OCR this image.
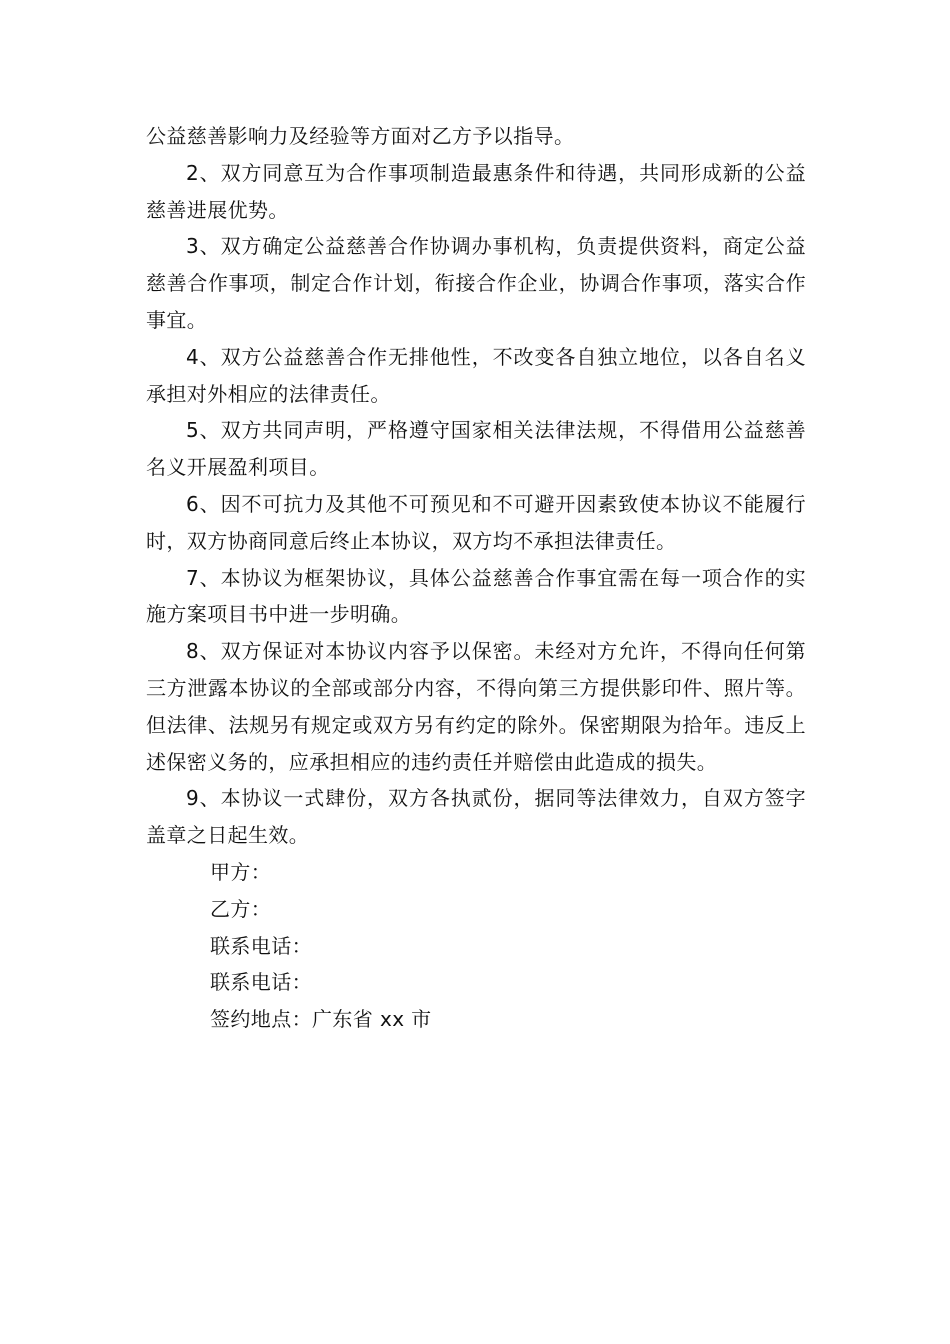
公益慈善影响力及经验等方面对乙方予以指导。

2、双方同意互为合作事项制造最惠条件和待遇，共同形成新的公益慈善进展优势。

3、双方确定公益慈善合作协调办事机构，负责提供资料，商定公益慈善合作事项，制定合作计划，衔接合作企业，协调合作事项，落实合作事宜。

4、双方公益慈善合作无排他性，不改变各自独立地位，以各自名义承担对外相应的法律责任。

5、双方共同声明，严格遵守国家相关法律法规，不得借用公益慈善名义开展盈利项目。

6、因不可抗力及其他不可预见和不可避开因素致使本协议不能履行时，双方协商同意后终止本协议，双方均不承担法律责任。

7、本协议为框架协议，具体公益慈善合作事宜需在每一项合作的实施方案项目书中进一步明确。

8、双方保证对本协议内容予以保密。未经对方允许，不得向任何第三方泄露本协议的全部或部分内容，不得向第三方提供影印件、照片等。但法律、法规另有规定或双方另有约定的除外。保密期限为拾年。违反上述保密义务的，应承担相应的违约责任并赔偿由此造成的损失。

9、本协议一式肆份，双方各执贰份，据同等法律效力，自双方签字盖章之日起生效。

甲方：

乙方：

联系电话：

联系电话：

签约地点：广东省 xx 市
